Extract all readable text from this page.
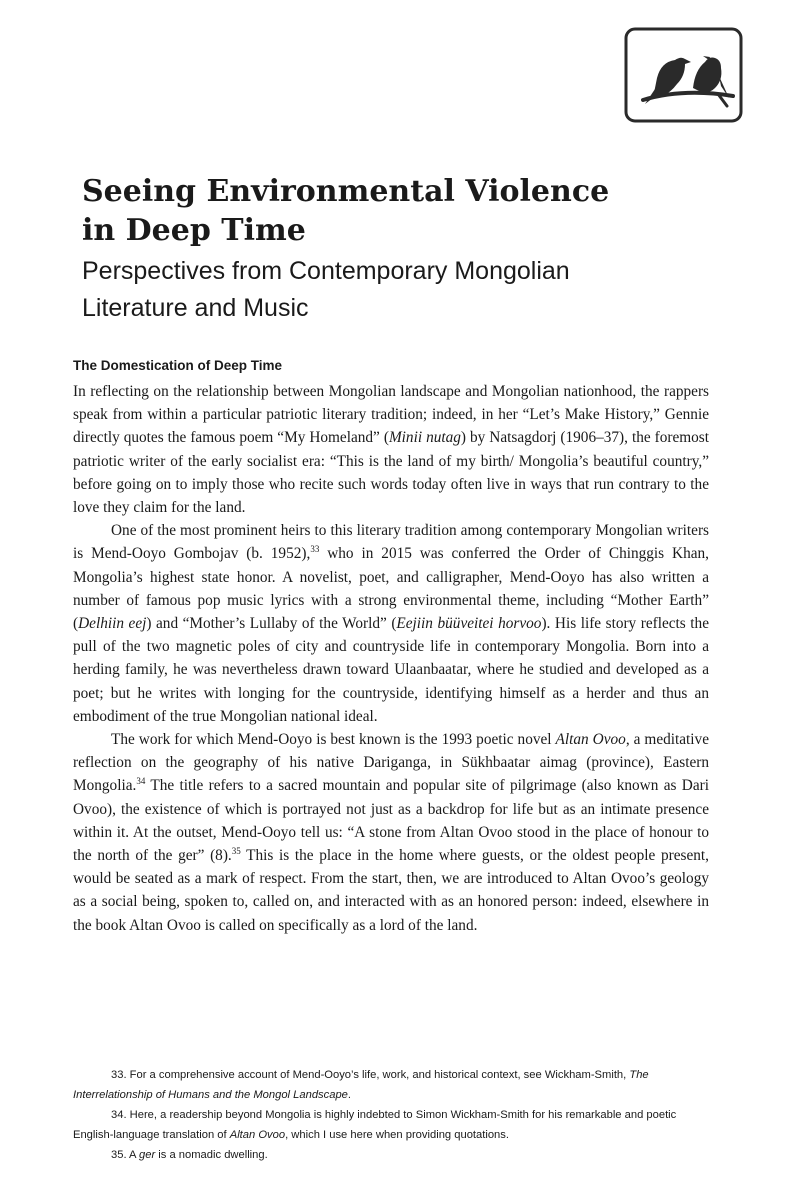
Seeing Environmental Violence
in Deep Time
Perspectives from Contemporary Mongolian
Literature and Music
The Domestication of Deep Time

In reflecting on the relationship between Mongolian landscape and Mongolian nationhood, the rappers speak from within a particular patriotic literary tradition; indeed, in her “Let’s Make History,” Gennie directly quotes the famous poem “My Homeland” (Minii nutag) by Natsagdorj (1906–37), the foremost patriotic writer of the early socialist era: “This is the land of my birth/ Mongolia’s beautiful country,” before going on to imply those who recite such words today often live in ways that run contrary to the love they claim for the land.

One of the most prominent heirs to this literary tradition among contemporary Mongolian writers is Mend-Ooyo Gombojav (b. 1952),$^{33}$ who in 2015 was conferred the Order of Chinggis Khan, Mongolia’s highest state honor. A novelist, poet, and calligrapher, Mend-Ooyo has also written a number of famous pop music lyrics with a strong environmental theme, including “Mother Earth” (Delhiin eej) and “Mother’s Lullaby of the World” (Eejiin büüveitei horvoo). His life story reflects the pull of the two magnetic poles of city and countryside life in contemporary Mongolia. Born into a herding family, he was nevertheless drawn toward Ulaanbaatar, where he studied and developed as a poet; but he writes with longing for the countryside, identifying himself as a herder and thus an embodiment of the true Mongolian national ideal.

The work for which Mend-Ooyo is best known is the 1993 poetic novel Altan Ovoo, a meditative reflection on the geography of his native Dariganga, in Sükhbaatar aimag (province), Eastern Mongolia.$^{34}$ The title refers to a sacred mountain and popular site of pilgrimage (also known as Dari Ovoo), the existence of which is portrayed not just as a backdrop for life but as an intimate presence within it. At the outset, Mend-Ooyo tell us: “A stone from Altan Ovoo stood in the place of honour to the north of the ger” (8).$^{35}$ This is the place in the home where guests, or the oldest people present, would be seated as a mark of respect. From the start, then, we are introduced to Altan Ovoo’s geology as a social being, spoken to, called on, and interacted with as an honored person: indeed, elsewhere in the book Altan Ovoo is called on specifically as a lord of the land.

33. For a comprehensive account of Mend-Ooyo’s life, work, and historical context, see Wickham-Smith, The Interrelationship of Humans and the Mongol Landscape.

34. Here, a readership beyond Mongolia is highly indebted to Simon Wickham-Smith for his remarkable and poetic English-language translation of Altan Ovoo, which I use here when providing quotations.

35. A ger is a nomadic dwelling.
